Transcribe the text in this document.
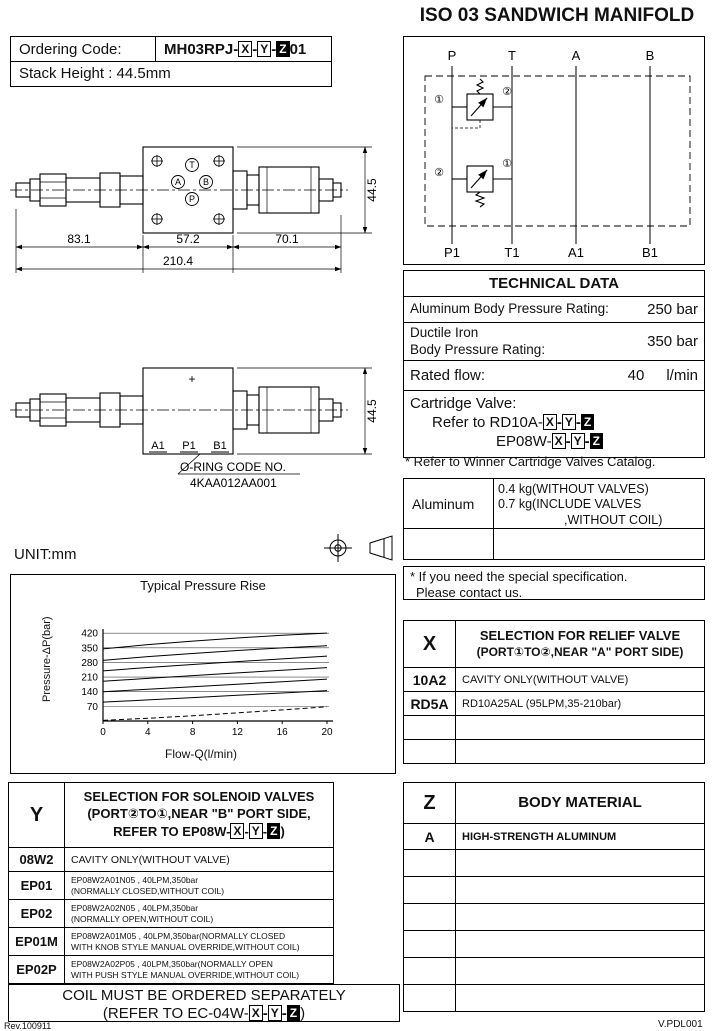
ISO 03 SANDWICH MANIFOLD
Ordering Code:	MH03RPJ- X - Y - Z 01
Stack Height : 44.5mm
T
A B
P
83.1	57.2	70.1
210.4
44.5
+
A1 P1 B1
44.5
O-RING CODE NO.
4KAA012AA001
UNIT:mm
Typical Pressure Rise
Pressure-ΔP(bar)
70
140
210
280
350
420
0	4	8	12	16	20
Flow-Q(l/min)
P	T	A	B
P1	T1	A1	B1
①
②
②
①
TECHNICAL DATA
Aluminum Body Pressure Rating:	250 bar
Ductile Iron
Body Pressure Rating:	350 bar
Rated flow:	40 l/min
Cartridge Valve:
Refer to RD10A- X - Y - Z
EP08W- X - Y - Z
* Refer to Winner Cartridge Valves Catalog.
Aluminum
0.4 kg(WITHOUT VALVES)
0.7 kg(INCLUDE VALVES
,WITHOUT COIL)
* If you need the special specification.
Please contact us.
X	SELECTION FOR RELIEF VALVE
(PORT①TO②,NEAR "A" PORT SIDE)
10A2	CAVITY ONLY(WITHOUT VALVE)
RD5A	RD10A25AL (95LPM,35-210bar)
Y
SELECTION FOR SOLENOID VALVES
(PORT②TO①,NEAR "B" PORT SIDE,
REFER TO EP08W- X - Y - Z )
08W2	CAVITY ONLY(WITHOUT VALVE)
EP01	EP08W2A01N05 , 40LPM,350bar
(NORMALLY CLOSED,WITHOUT COIL)
EP02	EP08W2A02N05 , 40LPM,350bar
(NORMALLY OPEN,WITHOUT COIL)
EP01M	EP08W2A01M05 , 40LPM,350bar(NORMALLY CLOSED
WITH KNOB STYLE MANUAL OVERRIDE,WITHOUT COIL)
EP02P	EP08W2A02P05 , 40LPM,350bar(NORMALLY OPEN
WITH PUSH STYLE MANUAL OVERRIDE,WITHOUT COIL)
Z	BODY MATERIAL
A	HIGH-STRENGTH ALUMINUM
COIL MUST BE ORDERED SEPARATELY
(REFER TO EC-04W- X - Y - Z )
Rev.100911	V.PDL001
